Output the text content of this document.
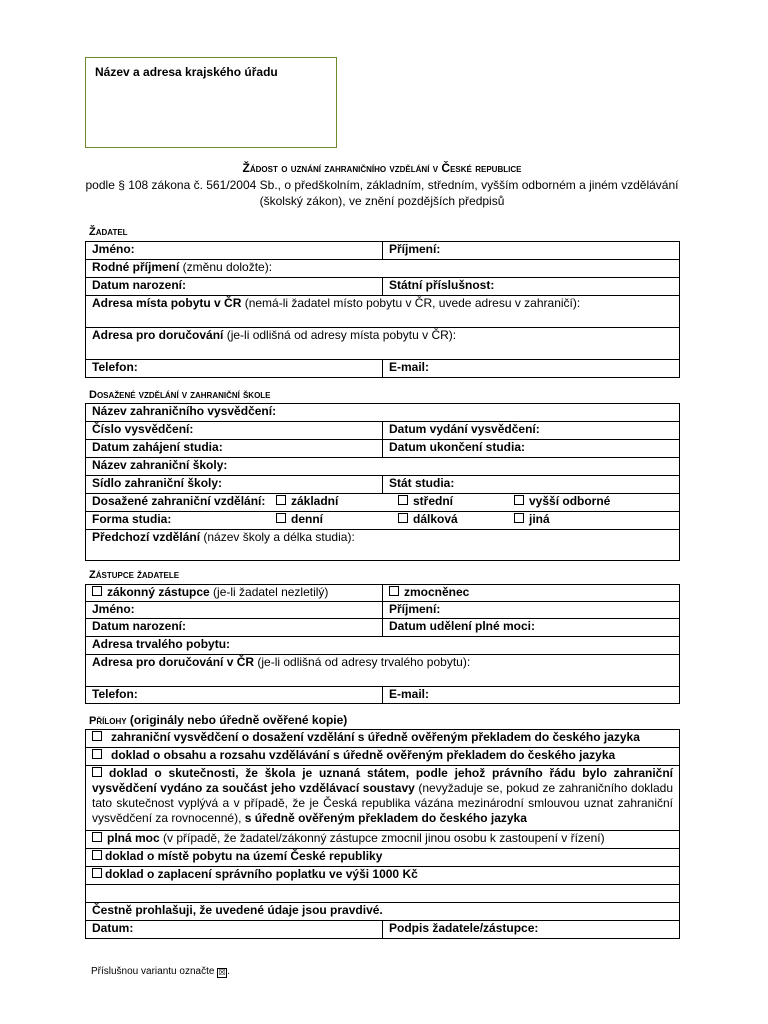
Název a adresa krajského úřadu
Žádost o uznání zahraničního vzdělání v České republice
podle § 108 zákona č. 561/2004 Sb., o předškolním, základním, středním, vyšším odborném a jiném vzdělávání (školský zákon), ve znění pozdějších předpisů
Žadatel
Jméno:	Příjmení:
Rodné příjmení (změnu doložte):	
Datum narození:	Státní příslušnost:
Adresa místa pobytu v ČR (nemá-li žadatel místo pobytu v ČR, uvede adresu v zahraničí):	
Adresa pro doručování (je-li odlišná od adresy místa pobytu v ČR):	
Telefon:	E-mail:
Dosažené vzdělání v zahraniční škole
Název zahraničního vysvědčení:	
Číslo vysvědčení:	Datum vydání vysvědčení:
Datum zahájení studia:	Datum ukončení studia:
Název zahraniční školy:	
Sídlo zahraniční školy:	Stát studia:
Dosažené zahraniční vzdělání: základní střední vyšší odborné	

Forma studia: denní dálková jiná	

Předchozí vzdělání (název školy a délka studia):	
Zástupce žadatele
zákonný zástupce (je-li žadatel nezletilý)	zmocněnec
Jméno:	Příjmení:
Datum narození:	Datum udělení plné moci:
Adresa trvalého pobytu:	
Adresa pro doručování v ČR (je-li odlišná od adresy trvalého pobytu):	
Telefon:	E-mail:
Přílohy (originály nebo úředně ověřené kopie)
zahraniční vysvědčení o dosažení vzdělání s úředně ověřeným překladem do českého jazyka
doklad o obsahu a rozsahu vzdělávání s úředně ověřeným překladem do českého jazyka
doklad o skutečnosti, že škola je uznaná státem, podle jehož právního řádu bylo zahraniční vysvědčení vydáno za součást jeho vzdělávací soustavy (nevyžaduje se, pokud ze zahraničního dokladu tato skutečnost vyplývá a v případě, že je Česká republika vázána mezinárodní smlouvou uznat zahraniční vysvědčení za rovnocenné), s úředně ověřeným překladem do českého jazyka
plná moc (v případě, že žadatel/zákonný zástupce zmocnil jinou osobu k zastoupení v řízení)
doklad o místě pobytu na území České republiky
doklad o zaplacení správního poplatku ve výši 1000 Kč

Čestně prohlašuji, že uvedené údaje jsou pravdivé.
Datum:	Podpis žadatele/zástupce:
Příslušnou variantu označte ☒.
